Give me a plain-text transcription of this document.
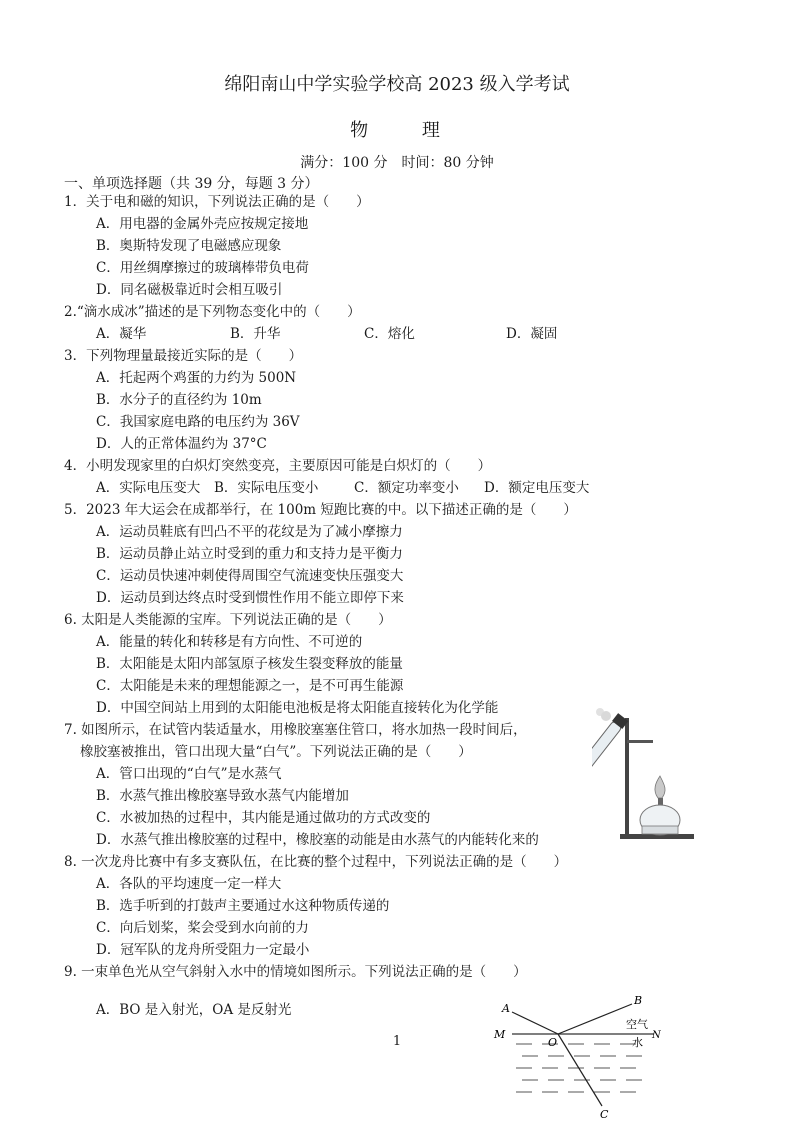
绵阳南山中学实验学校高 2023 级入学考试
物 理
满分：100 分　时间：80 分钟
一、单项选择题（共 39 分，每题 3 分）
1．关于电和磁的知识，下列说法正确的是（　　）
A．用电器的金属外壳应按规定接地
B．奥斯特发现了电磁感应现象
C．用丝绸摩擦过的玻璃棒带负电荷
D．同名磁极靠近时会相互吸引
2.“滴水成冰”描述的是下列物态变化中的（　　）
A．凝华	B．升华	C．熔化	D．凝固
3．下列物理量最接近实际的是（　　）
A．托起两个鸡蛋的力约为 500N
B．水分子的直径约为 10m
C．我国家庭电路的电压约为 36V
D．人的正常体温约为 37°C
4．小明发现家里的白炽灯突然变亮，主要原因可能是白炽灯的（　　）
A．实际电压变大	B．实际电压变小	C．额定功率变小	D．额定电压变大
5．2023 年大运会在成都举行，在 100m 短跑比赛的中。以下描述正确的是（　　）
A．运动员鞋底有凹凸不平的花纹是为了减小摩擦力
B．运动员静止站立时受到的重力和支持力是平衡力
C．运动员快速冲刺使得周围空气流速变快压强变大
D．运动员到达终点时受到惯性作用不能立即停下来
6. 太阳是人类能源的宝库。下列说法正确的是（　　）
A．能量的转化和转移是有方向性、不可逆的
B．太阳能是太阳内部氢原子核发生裂变释放的能量
C．太阳能是未来的理想能源之一，是不可再生能源
D．中国空间站上用到的太阳能电池板是将太阳能直接转化为化学能
7. 如图所示，在试管内装适量水，用橡胶塞塞住管口，将水加热一段时间后，
橡胶塞被推出，管口出现大量“白气”。下列说法正确的是（　　）
A．管口出现的“白气”是水蒸气
B．水蒸气推出橡胶塞导致水蒸气内能增加
C．水被加热的过程中，其内能是通过做功的方式改变的
D．水蒸气推出橡胶塞的过程中，橡胶塞的动能是由水蒸气的内能转化来的
8. 一次龙舟比赛中有多支赛队伍，在比赛的整个过程中，下列说法正确的是（　　）
A．各队的平均速度一定一样大
B．选手听到的打鼓声主要通过水这种物质传递的
C．向后划桨，桨会受到水向前的力
D．冠军队的龙舟所受阻力一定最小
9. 一束单色光从空气斜射入水中的情境如图所示。下列说法正确的是（　　）
A．BO 是入射光，OA 是反射光	A
B
M	N
O
C
空气
水
1
